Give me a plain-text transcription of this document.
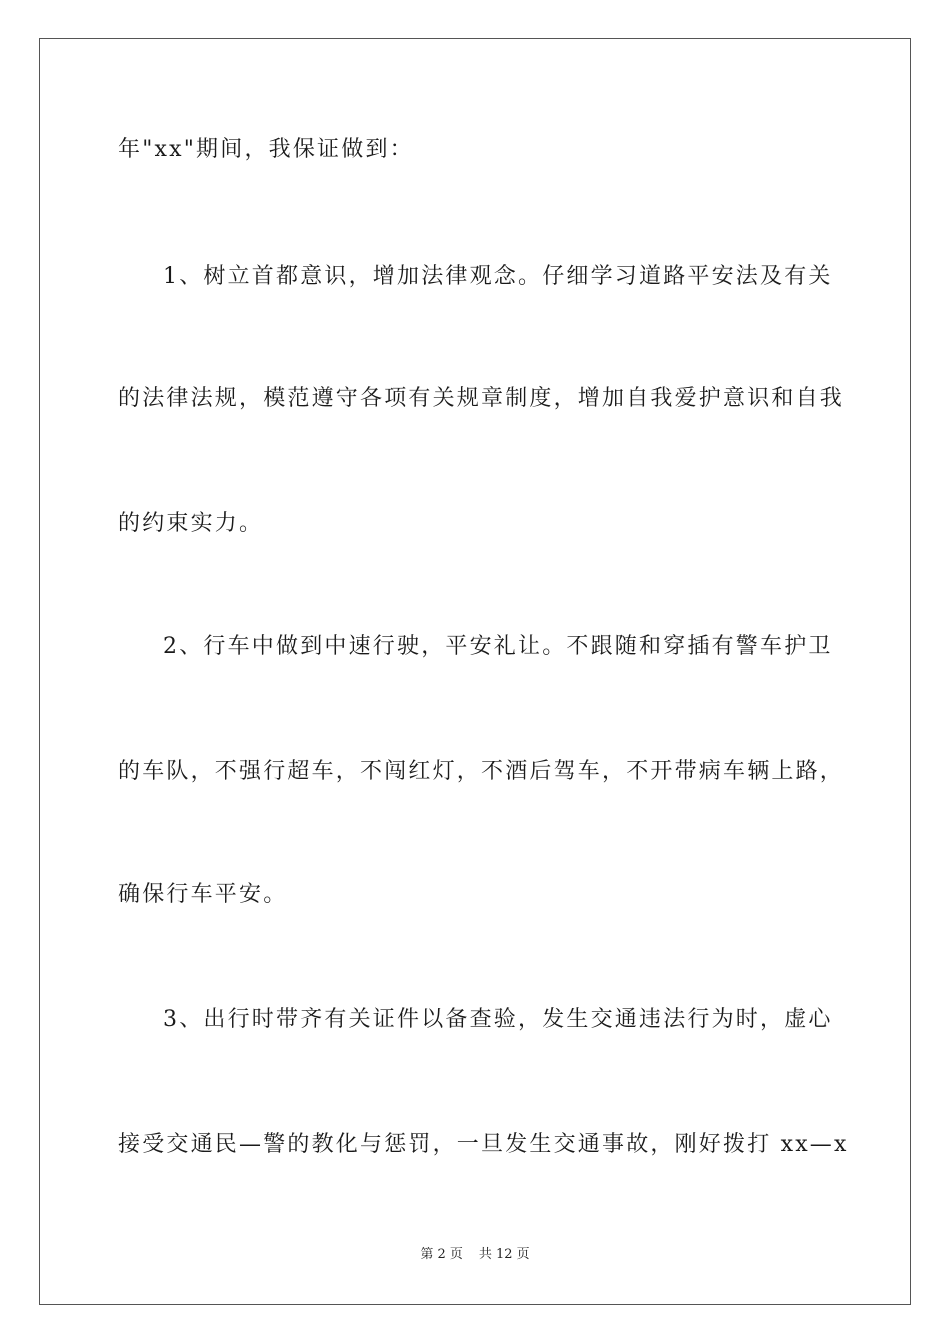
年"xx"期间，我保证做到：
1、树立首都意识，增加法律观念。仔细学习道路平安法及有关
的法律法规，模范遵守各项有关规章制度，增加自我爱护意识和自我
的约束实力。
2、行车中做到中速行驶，平安礼让。不跟随和穿插有警车护卫
的车队，不强行超车，不闯红灯，不酒后驾车，不开带病车辆上路，
确保行车平安。
3、出行时带齐有关证件以备查验，发生交通违法行为时，虚心
接受交通民—警的教化与惩罚，一旦发生交通事故，刚好拨打 xx—x
第 2 页 共 12 页
